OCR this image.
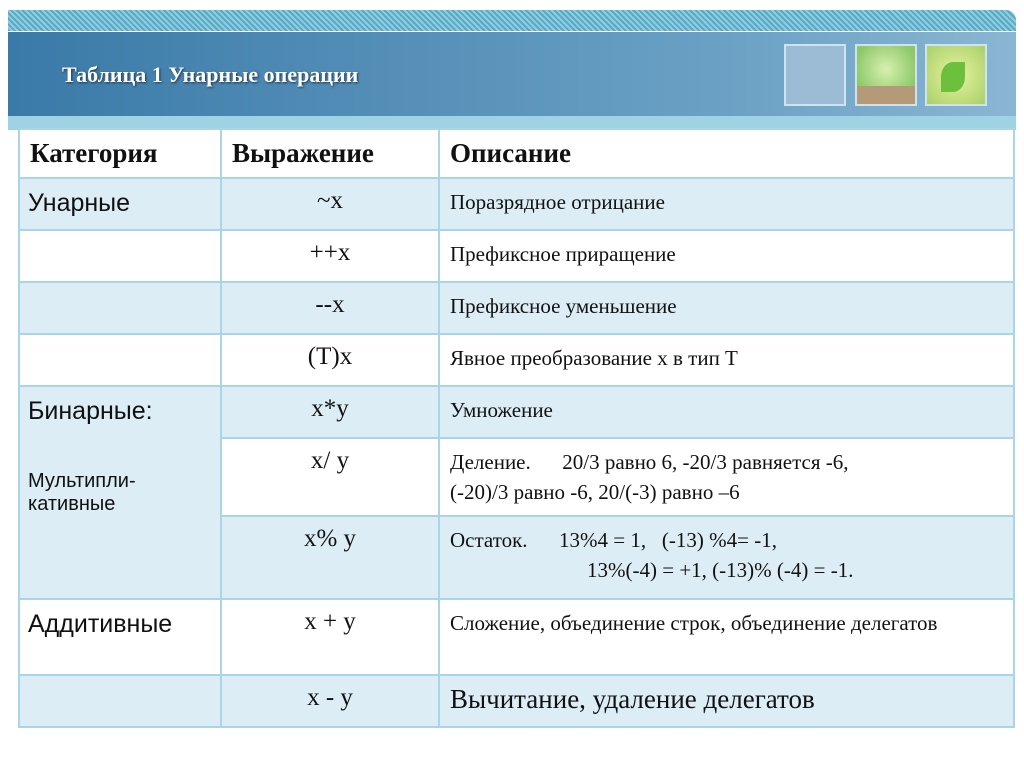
Таблица 1 Унарные операции
Категория	Выражение	Описание
Унарные	~x	Поразрядное отрицание
	++x	Префиксное приращение
	--x	Префиксное уменьшение
	(T)x	Явное преобразование x в тип T
Бинарные:
Мультипли-кативные	x*y	Умножение
	x/ y	Деление.      20/3 равно 6, -20/3 равняется -6,
(-20)/3 равно -6, 20/(-3) равно –6

	x% y	Остаток.      13%4 = 1,   (-13) %4= -1,
13%(-4) = +1, (-13)% (-4) = -1.

Аддитивные	x + y	Сложение, объединение строк, объединение делегатов
	x - y	Вычитание, удаление делегатов
